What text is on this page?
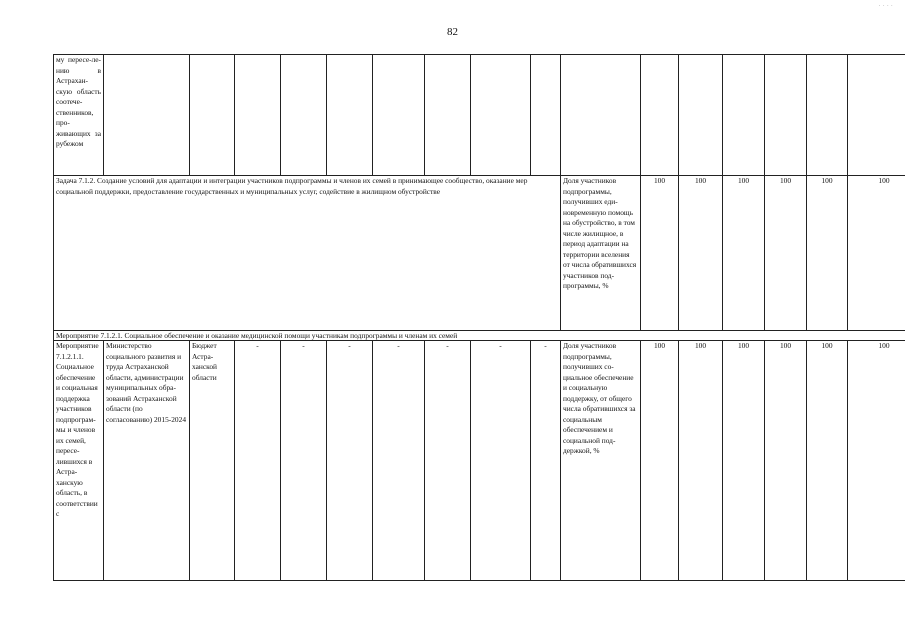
82
· · · ·
му пересе-лению в Астрахан-скую область соотечественников, проживающих за рубежом																

Задача 7.1.2. Создание условий для адаптации и интеграции участников подпрограммы и членов их семей в принимающее сообщество, оказание мер социальной поддержки, предоставление государственных и муниципальных услуг, содействие в жилищном обустройстве										Доля участников подпрограммы, получивших единовременную помощь на обустройство, в том числе жилищное, в период адаптации на территории вселения от числа обратившихся участников подпрограммы, %	100	100	100	100	100	100
Мероприятие 7.1.2.1. Социальное обеспечение и оказание медицинской помощи участникам подпрограммы и членам их семей																
Мероприятие 7.1.2.1.1. Социальное обеспечение и социальная поддержка участников подпрограммы и членов их семей, переселившихся в Астраханскую область, в соответствии с	Министерство социального развития и труда Астраханской области, администрации муниципальных образований Астраханской области (по согласованию) 2015-2024	Бюджет Астраханской области	-	-	-	-	-	-	-	Доля участников подпрограммы, получивших социальное обеспечение и социальную поддержку, от общего числа обратившихся за социальным обеспечением и социальной поддержкой, %	100	100	100	100	100	100
